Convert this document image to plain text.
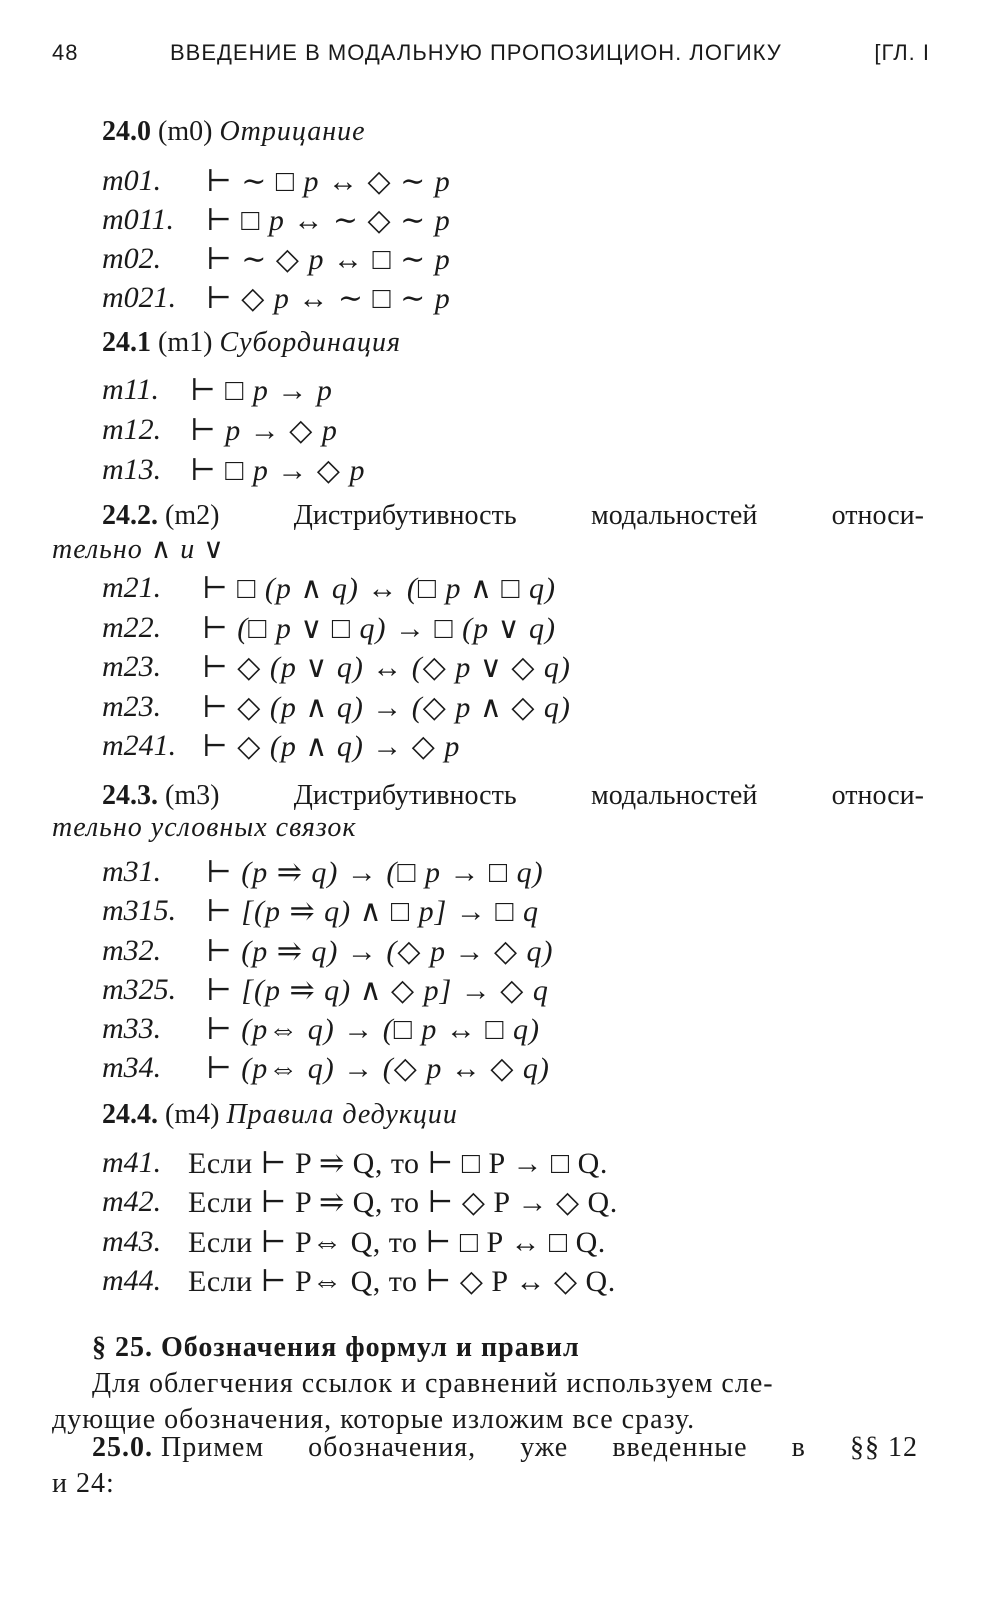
48	ВВЕДЕНИЕ В МОДАЛЬНУЮ ПРОПОЗИЦИОН. ЛОГИКУ	[ГЛ. I
24.0 (m0) Отрицание
m01. ⊢ ∼ □ p ↔ ◇ ∼ p
m011. ⊢ □ p ↔ ∼ ◇ ∼ p
m02. ⊢ ∼ ◇ p ↔ □ ∼ p
m021. ⊢ ◇ p ↔ ∼ □ ∼ p
24.1 (m1) Субординация
m11. ⊢ □ p → p
m12. ⊢ p → ◇ p
m13. ⊢ □ p → ◇ p
24.2. (m2)	Дистрибутивность	модальностей	относи-
тельно ∧ и ∨
m21. ⊢ □ (p ∧ q) ↔ (□ p ∧ □ q)
m22. ⊢ (□ p ∨ □ q) → □ (p ∨ q)
m23. ⊢ ◇ (p ∨ q) ↔ (◇ p ∨ ◇ q)
m23. ⊢ ◇ (p ∧ q) → (◇ p ∧ ◇ q)
m241. ⊢ ◇ (p ∧ q) → ◇ p
24.3. (m3)	Дистрибутивность	модальностей	относи-
тельно условных связок
m31. ⊢ (p ⥤ q) → (□ p → □ q)
m315. ⊢ [(p ⥤ q) ∧ □ p] → □ q
m32. ⊢ (p ⥤ q) → (◇ p → ◇ q)
m325. ⊢ [(p ⥤ q) ∧ ◇ p] → ◇ q
m33. ⊢ (p⇔ q) → (□ p ↔ □ q)
m34. ⊢ (p⇔ q) → (◇ p ↔ ◇ q)
24.4. (m4) Правила дедукции
m41. Если ⊢ P ⥤ Q, то ⊢ □ P → □ Q.
m42. Если ⊢ P ⥤ Q, то ⊢ ◇ P → ◇ Q.
m43. Если ⊢ P⇔ Q, то ⊢ □ P ↔ □ Q.
m44. Если ⊢ P⇔ Q, то ⊢ ◇ P ↔ ◇ Q.
§ 25. Обозначения формул и правил
Для облегчения ссылок и сравнений используем сле-
дующие обозначения, которые изложим все сразу.
25.0. Примем обозначения, уже введенные в §§ 12
и 24:
